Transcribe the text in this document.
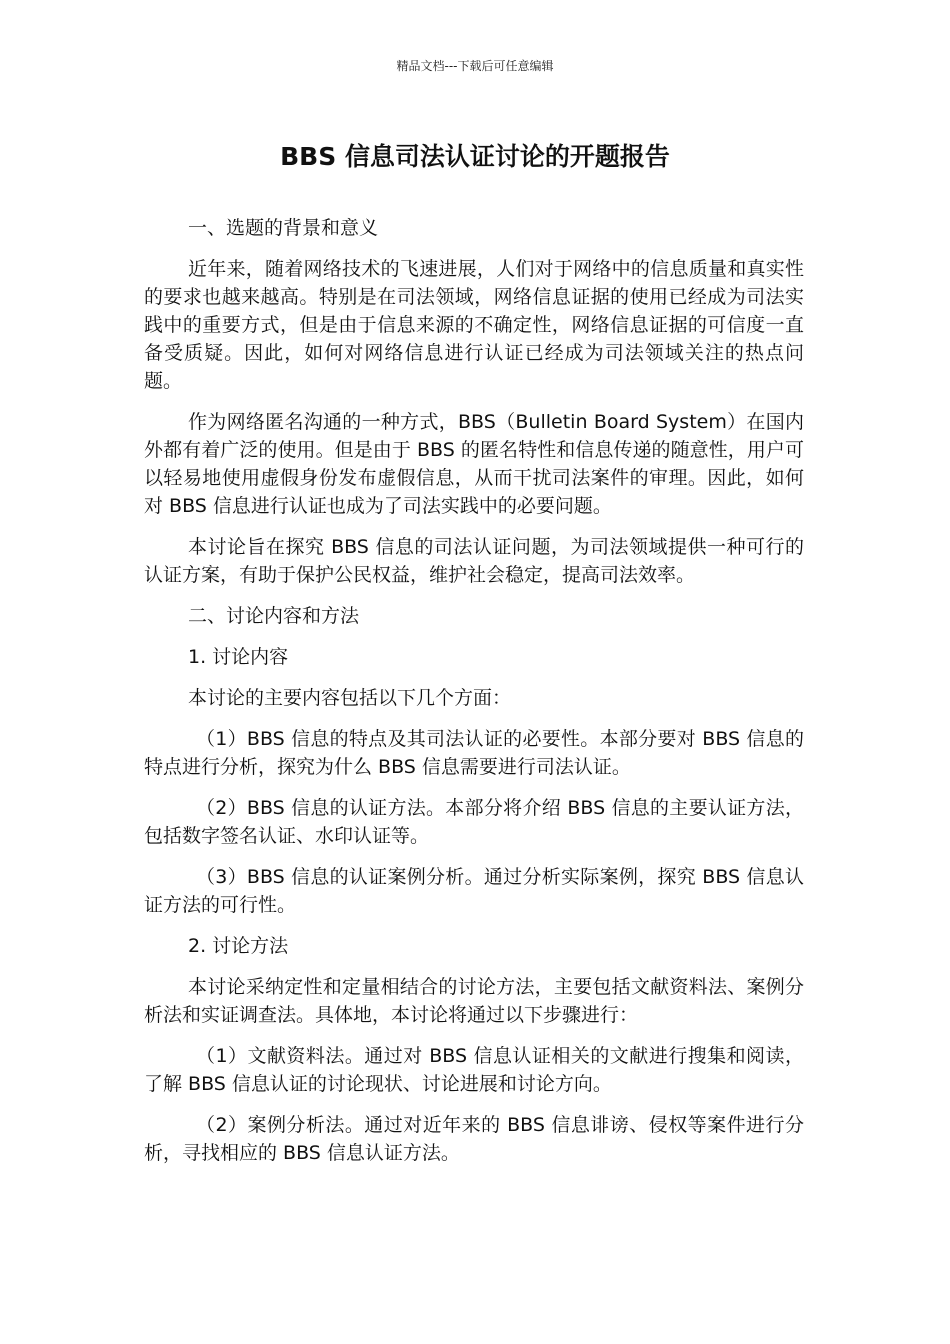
精品文档---下载后可任意编辑
BBS 信息司法认证讨论的开题报告

一、选题的背景和意义

近年来，随着网络技术的飞速进展，人们对于网络中的信息质量和真实性的要求也越来越高。特别是在司法领域，网络信息证据的使用已经成为司法实践中的重要方式，但是由于信息来源的不确定性，网络信息证据的可信度一直备受质疑。因此，如何对网络信息进行认证已经成为司法领域关注的热点问题。

作为网络匿名沟通的一种方式，BBS（Bulletin Board System）在国内外都有着广泛的使用。但是由于 BBS 的匿名特性和信息传递的随意性，用户可以轻易地使用虚假身份发布虚假信息，从而干扰司法案件的审理。因此，如何对 BBS 信息进行认证也成为了司法实践中的必要问题。

本讨论旨在探究 BBS 信息的司法认证问题，为司法领域提供一种可行的认证方案，有助于保护公民权益，维护社会稳定，提高司法效率。

二、讨论内容和方法

1. 讨论内容

本讨论的主要内容包括以下几个方面：

（1）BBS 信息的特点及其司法认证的必要性。本部分要对 BBS 信息的特点进行分析，探究为什么 BBS 信息需要进行司法认证。

（2）BBS 信息的认证方法。本部分将介绍 BBS 信息的主要认证方法，包括数字签名认证、水印认证等。

（3）BBS 信息的认证案例分析。通过分析实际案例，探究 BBS 信息认证方法的可行性。

2. 讨论方法

本讨论采纳定性和定量相结合的讨论方法，主要包括文献资料法、案例分析法和实证调查法。具体地，本讨论将通过以下步骤进行：

（1）文献资料法。通过对 BBS 信息认证相关的文献进行搜集和阅读，了解 BBS 信息认证的讨论现状、讨论进展和讨论方向。

（2）案例分析法。通过对近年来的 BBS 信息诽谤、侵权等案件进行分析，寻找相应的 BBS 信息认证方法。
